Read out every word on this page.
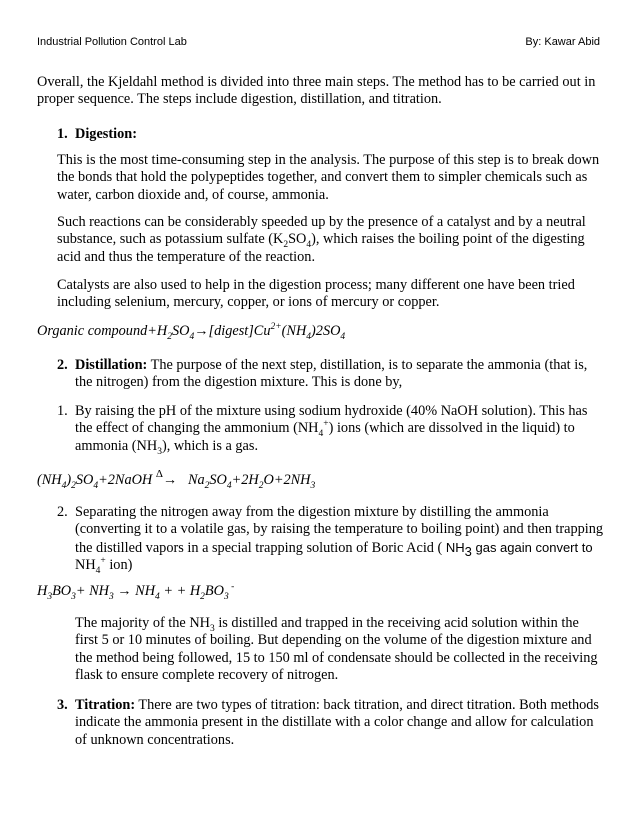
Industrial Pollution Control Lab	By: Kawar Abid

Overall, the Kjeldahl method is divided into three main steps. The method has to be carried out in proper sequence. The steps include digestion, distillation, and titration.

1. Digestion:

This is the most time-consuming step in the analysis. The purpose of this step is to break down the bonds that hold the polypeptides together, and convert them to simpler chemicals such as water, carbon dioxide and, of course, ammonia.

Such reactions can be considerably speeded up by the presence of a catalyst and by a neutral substance, such as potassium sulfate $(K_2SO_4)$, which raises the boiling point of the digesting acid and thus the temperature of the reaction.

Catalysts are also used to help in the digestion process; many different one have been tried including selenium, mercury, copper, or ions of mercury or copper.

Organic $compound+H_2SO_4\to[digest]Cu^{2+}(NH_4)2SO_4$
2. Distillation: The purpose of the next step, distillation, is to separate the ammonia (that is, the nitrogen) from the digestion mixture. This is done by,

1. By raising the pH of the mixture using sodium hydroxide (40% NaOH solution). This has the effect of changing the ammonium $(NH_4^+)$ ions (which are dissolved in the liquid) to ammonia $(NH_3)$, which is a gas.

$(NH_4)_2SO_4+2NaOH$ $^\Delta\to Na_2SO_4+2H_2O+2NH_3$
2. Separating the nitrogen away from the digestion mixture by distilling the ammonia (converting it to a volatile gas, by raising the temperature to boiling point) and then trapping the distilled vapors in a special trapping solution of Boric Acid ( $NH_3$ gas again convert to
$NH_4^+$ ion)

$H_3BO_3+ NH_3 \to NH_4$ + + $H_2BO_3$ -

The majority of the $NH_3$ is distilled and trapped in the receiving acid solution within the first 5 or 10 minutes of boiling. But depending on the volume of the digestion mixture and the method being followed, 15 to 150 ml of condensate should be collected in the receiving flask to ensure complete recovery of nitrogen.

3. Titration: There are two types of titration: back titration, and direct titration. Both methods indicate the ammonia present in the distillate with a color change and allow for calculation of unknown concentrations.
